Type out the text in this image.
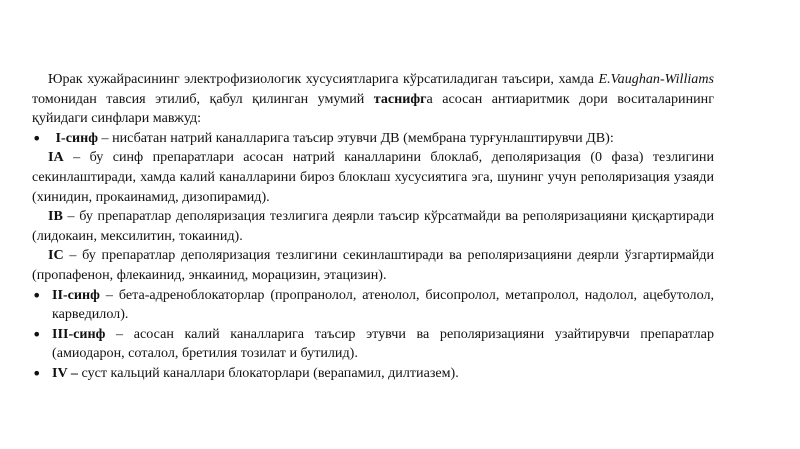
Юрак хужайрасининг электрофизиологик хусусиятларига кўрсатиладиган таъсири, хамда E.Vaughan-Williams томонидан тавсия этилиб, қабул қилинган умумий таснифга асосан антиаритмик дори воситаларининг қуйидаги синфлари мавжуд:

• I-синф – нисбатан натрий каналларига таъсир этувчи ДВ (мембрана турғунлаштирувчи ДВ):

IA – бу синф препаратлари асосан натрий каналларини блоклаб, деполяризация (0 фаза) тезлигини секинлаштиради, хамда калий каналларини бироз блоклаш хусусиятига эга, шунинг учун реполяризация узаяди (хинидин, прокаинамид, дизопирамид).

IB – бу препаратлар деполяризация тезлигига деярли таъсир кўрсатмайди ва реполяризацияни қисқартиради (лидокаин, мексилитин, токаинид).

IC – бу препаратлар деполяризация тезлигини секинлаштиради ва реполяризацияни деярли ўзгартирмайди (пропафенон, флекаинид, энкаинид, морацизин, этацизин).

• II-синф – бета-адреноблокаторлар (пропранолол, атенолол, бисопролол, метапролол, надолол, ацебутолол, карведилол).

• III-синф – асосан калий каналларига таъсир этувчи ва реполяризацияни узайтирувчи препаратлар (амиодарон, соталол, бретилия тозилат и бутилид).

• IV – суст кальций каналлари блокаторлари (верапамил, дилтиазем).
